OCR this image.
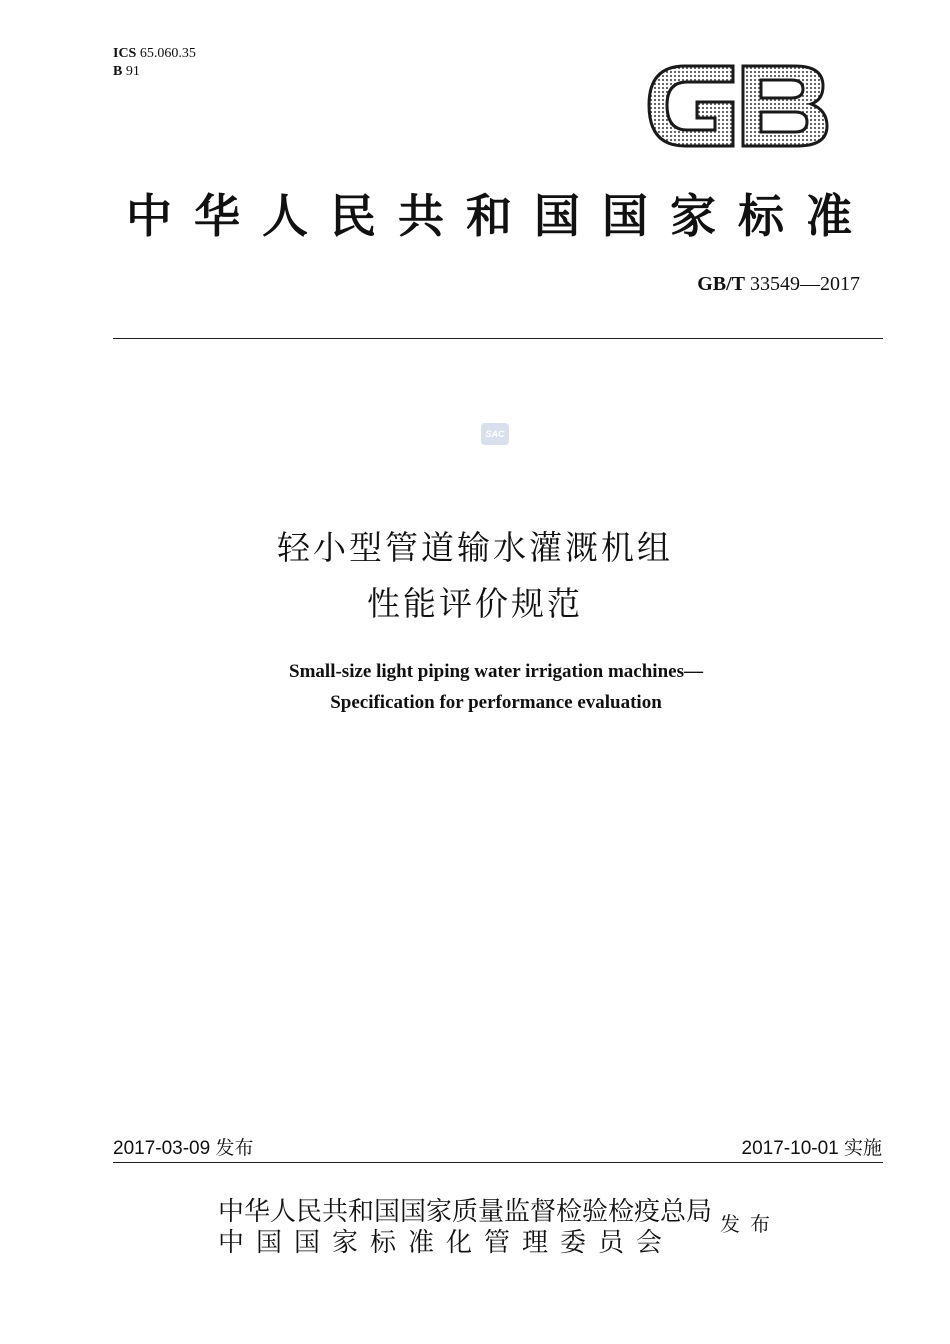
ICS 65.060.35
B 91
中华人民共和国国家标准
GB/T 33549—2017
SAC
轻小型管道输水灌溉机组
性能评价规范
Small-size light piping water irrigation machines—
Specification for performance evaluation
2017-03-09 发布	2017-10-01 实施
中华人民共和国国家质量监督检验检疫总局
中国国家标准化管理委员会
发布
